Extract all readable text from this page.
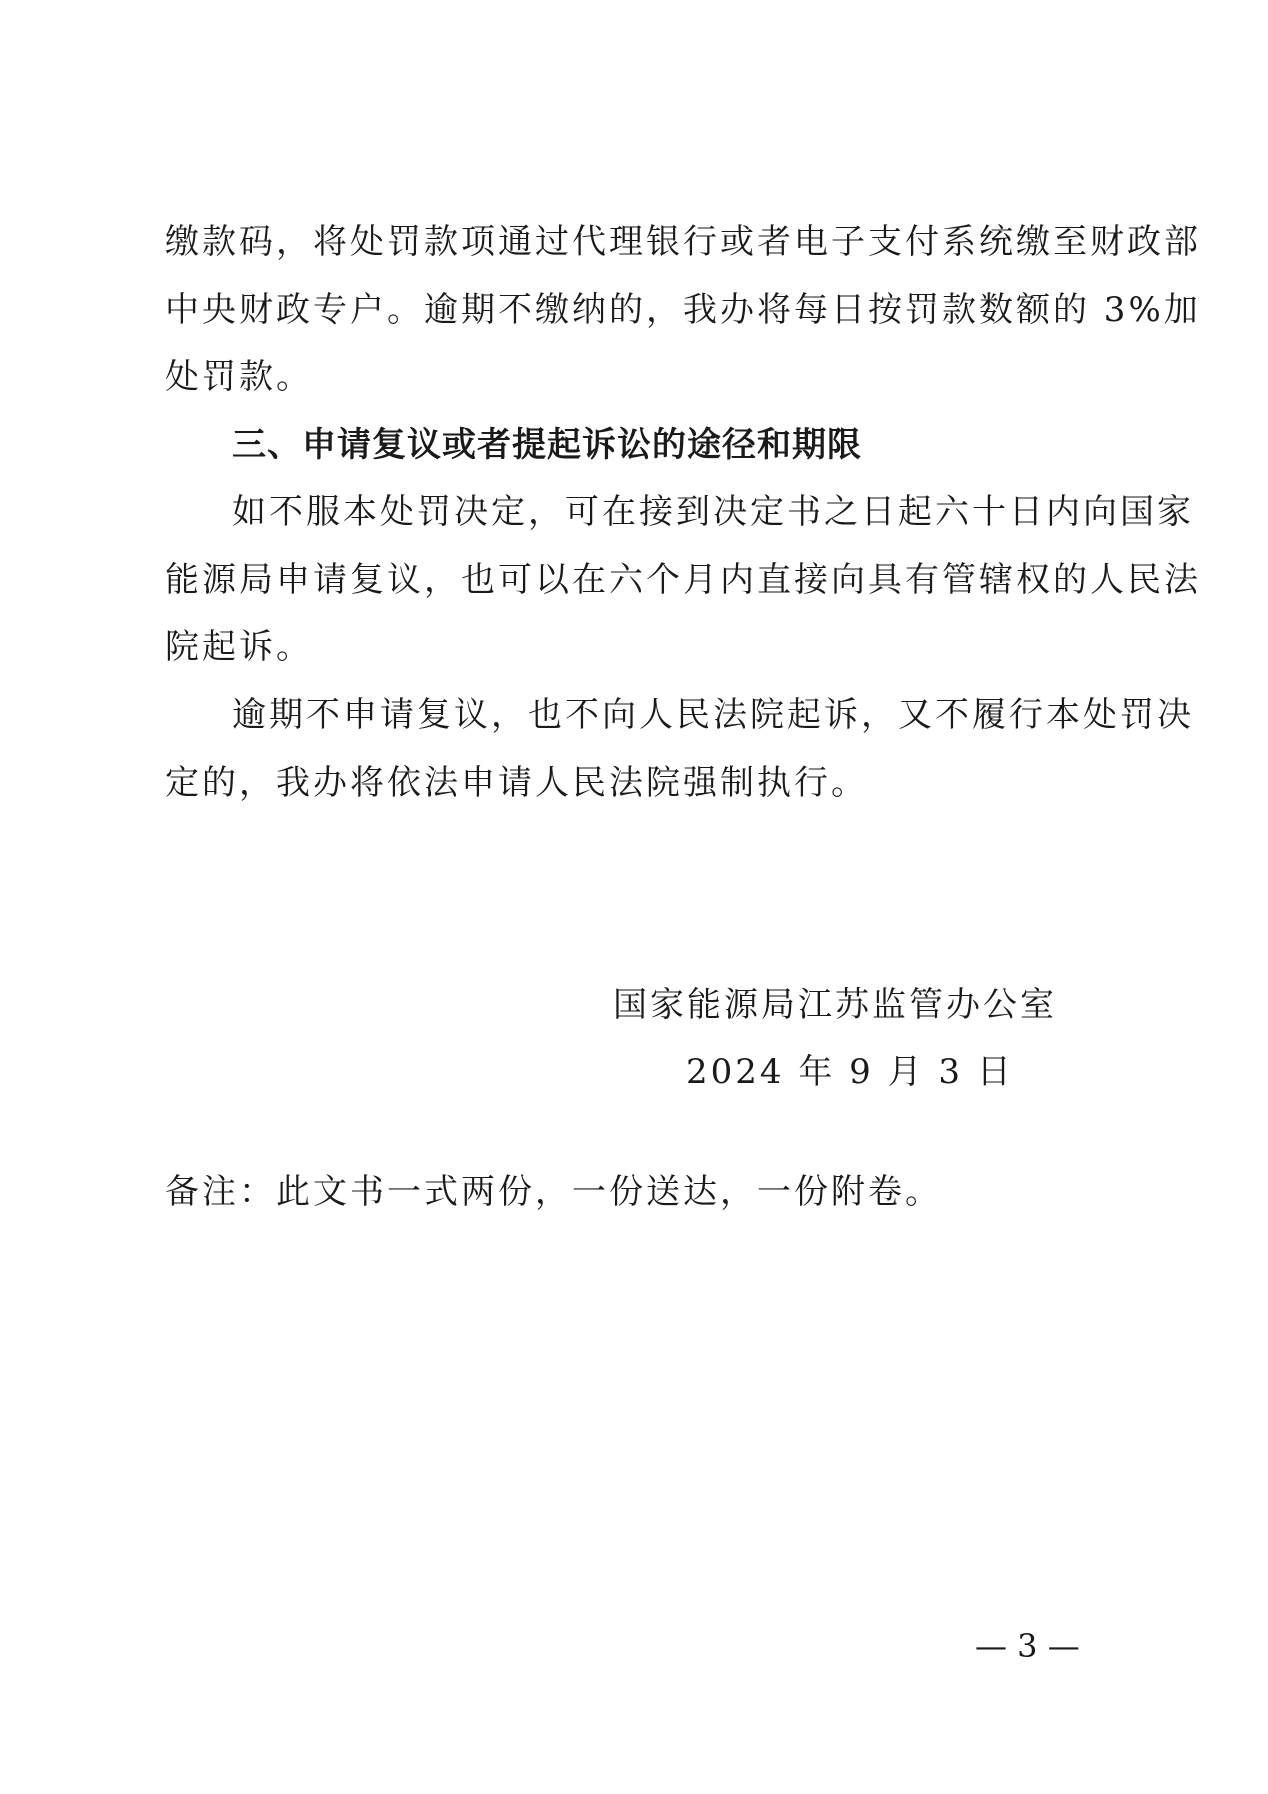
缴款码，将处罚款项通过代理银行或者电子支付系统缴至财政部
中央财政专户。逾期不缴纳的，我办将每日按罚款数额的 3%加
处罚款。
三、申请复议或者提起诉讼的途径和期限
如不服本处罚决定，可在接到决定书之日起六十日内向国家
能源局申请复议，也可以在六个月内直接向具有管辖权的人民法
院起诉。
逾期不申请复议，也不向人民法院起诉，又不履行本处罚决
定的，我办将依法申请人民法院强制执行。
国家能源局江苏监管办公室
2024 年 9 月 3 日
备注：此文书一式两份，一份送达，一份附卷。
— 3 —
